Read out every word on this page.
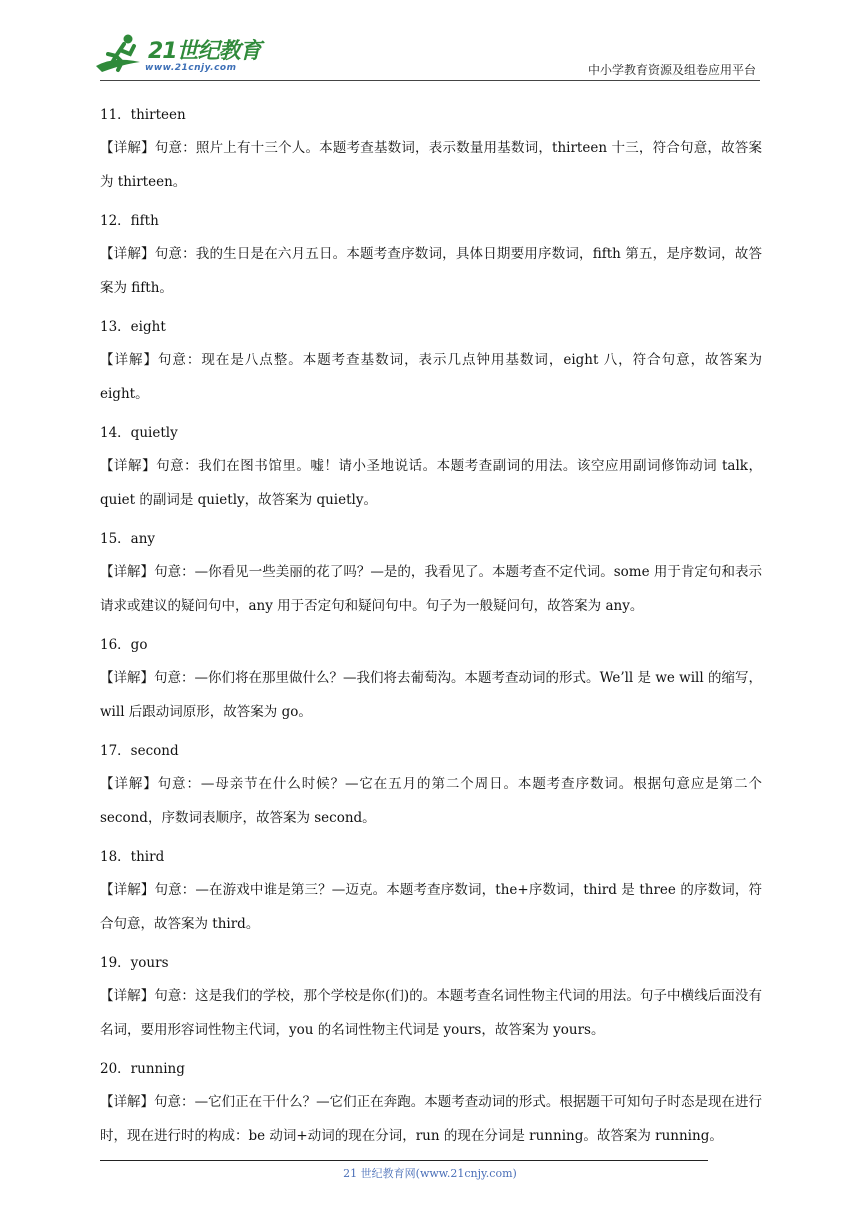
21世纪教育
www.21cnjy.com	中小学教育资源及组卷应用平台
11．thirteen
【详解】句意：照片上有十三个人。本题考查基数词，表示数量用基数词，thirteen 十三，符合句意，故答案为 thirteen。
12．fifth
【详解】句意：我的生日是在六月五日。本题考查序数词，具体日期要用序数词，fifth 第五，是序数词，故答案为 fifth。
13．eight
【详解】句意：现在是八点整。本题考查基数词，表示几点钟用基数词，eight 八，符合句意，故答案为 eight。
14．quietly
【详解】句意：我们在图书馆里。嘘！请小圣地说话。本题考查副词的用法。该空应用副词修饰动词 talk，quiet 的副词是 quietly，故答案为 quietly。
15．any
【详解】句意：—你看见一些美丽的花了吗？—是的，我看见了。本题考查不定代词。some 用于肯定句和表示请求或建议的疑问句中，any 用于否定句和疑问句中。句子为一般疑问句，故答案为 any。
16．go
【详解】句意：—你们将在那里做什么？—我们将去葡萄沟。本题考查动词的形式。We’ll 是 we will 的缩写，will 后跟动词原形，故答案为 go。
17．second
【详解】句意：—母亲节在什么时候？—它在五月的第二个周日。本题考查序数词。根据句意应是第二个 second，序数词表顺序，故答案为 second。
18．third
【详解】句意：—在游戏中谁是第三？—迈克。本题考查序数词，the+序数词，third 是 three 的序数词，符合句意，故答案为 third。
19．yours
【详解】句意：这是我们的学校，那个学校是你(们)的。本题考查名词性物主代词的用法。句子中横线后面没有名词，要用形容词性物主代词，you 的名词性物主代词是 yours，故答案为 yours。
20．running
【详解】句意：—它们正在干什么？—它们正在奔跑。本题考查动词的形式。根据题干可知句子时态是现在进行时，现在进行时的构成：be 动词+动词的现在分词，run 的现在分词是 running。故答案为 running。
21 世纪教育网(www.21cnjy.com)
